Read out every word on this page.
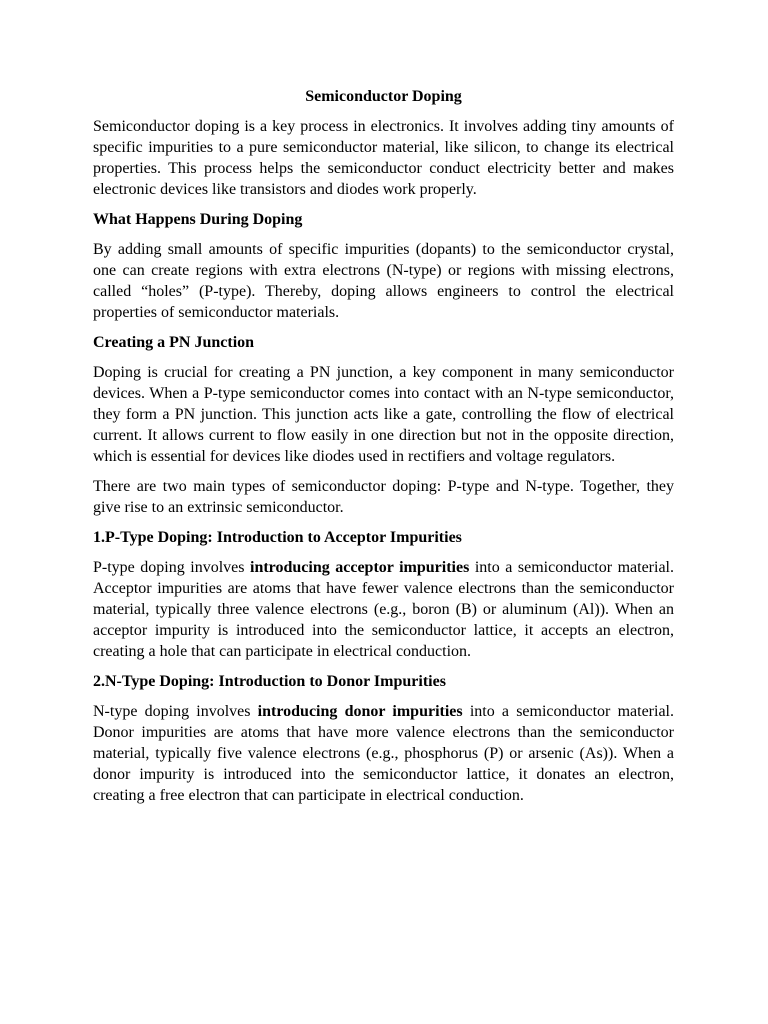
Semiconductor Doping

Semiconductor doping is a key process in electronics. It involves adding tiny amounts of specific impurities to a pure semiconductor material, like silicon, to change its electrical properties. This process helps the semiconductor conduct electricity better and makes electronic devices like transistors and diodes work properly.

What Happens During Doping

By adding small amounts of specific impurities (dopants) to the semiconductor crystal, one can create regions with extra electrons (N-type) or regions with missing electrons, called “holes” (P-type). Thereby, doping allows engineers to control the electrical properties of semiconductor materials.

Creating a PN Junction

Doping is crucial for creating a PN junction, a key component in many semiconductor devices. When a P-type semiconductor comes into contact with an N-type semiconductor, they form a PN junction. This junction acts like a gate, controlling the flow of electrical current. It allows current to flow easily in one direction but not in the opposite direction, which is essential for devices like diodes used in rectifiers and voltage regulators.

There are two main types of semiconductor doping: P-type and N-type. Together, they give rise to an extrinsic semiconductor.

1.P-Type Doping: Introduction to Acceptor Impurities

P-type doping involves introducing acceptor impurities into a semiconductor material. Acceptor impurities are atoms that have fewer valence electrons than the semiconductor material, typically three valence electrons (e.g., boron (B) or aluminum (Al)). When an acceptor impurity is introduced into the semiconductor lattice, it accepts an electron, creating a hole that can participate in electrical conduction.

2.N-Type Doping: Introduction to Donor Impurities

N-type doping involves introducing donor impurities into a semiconductor material. Donor impurities are atoms that have more valence electrons than the semiconductor material, typically five valence electrons (e.g., phosphorus (P) or arsenic (As)). When a donor impurity is introduced into the semiconductor lattice, it donates an electron, creating a free electron that can participate in electrical conduction.
